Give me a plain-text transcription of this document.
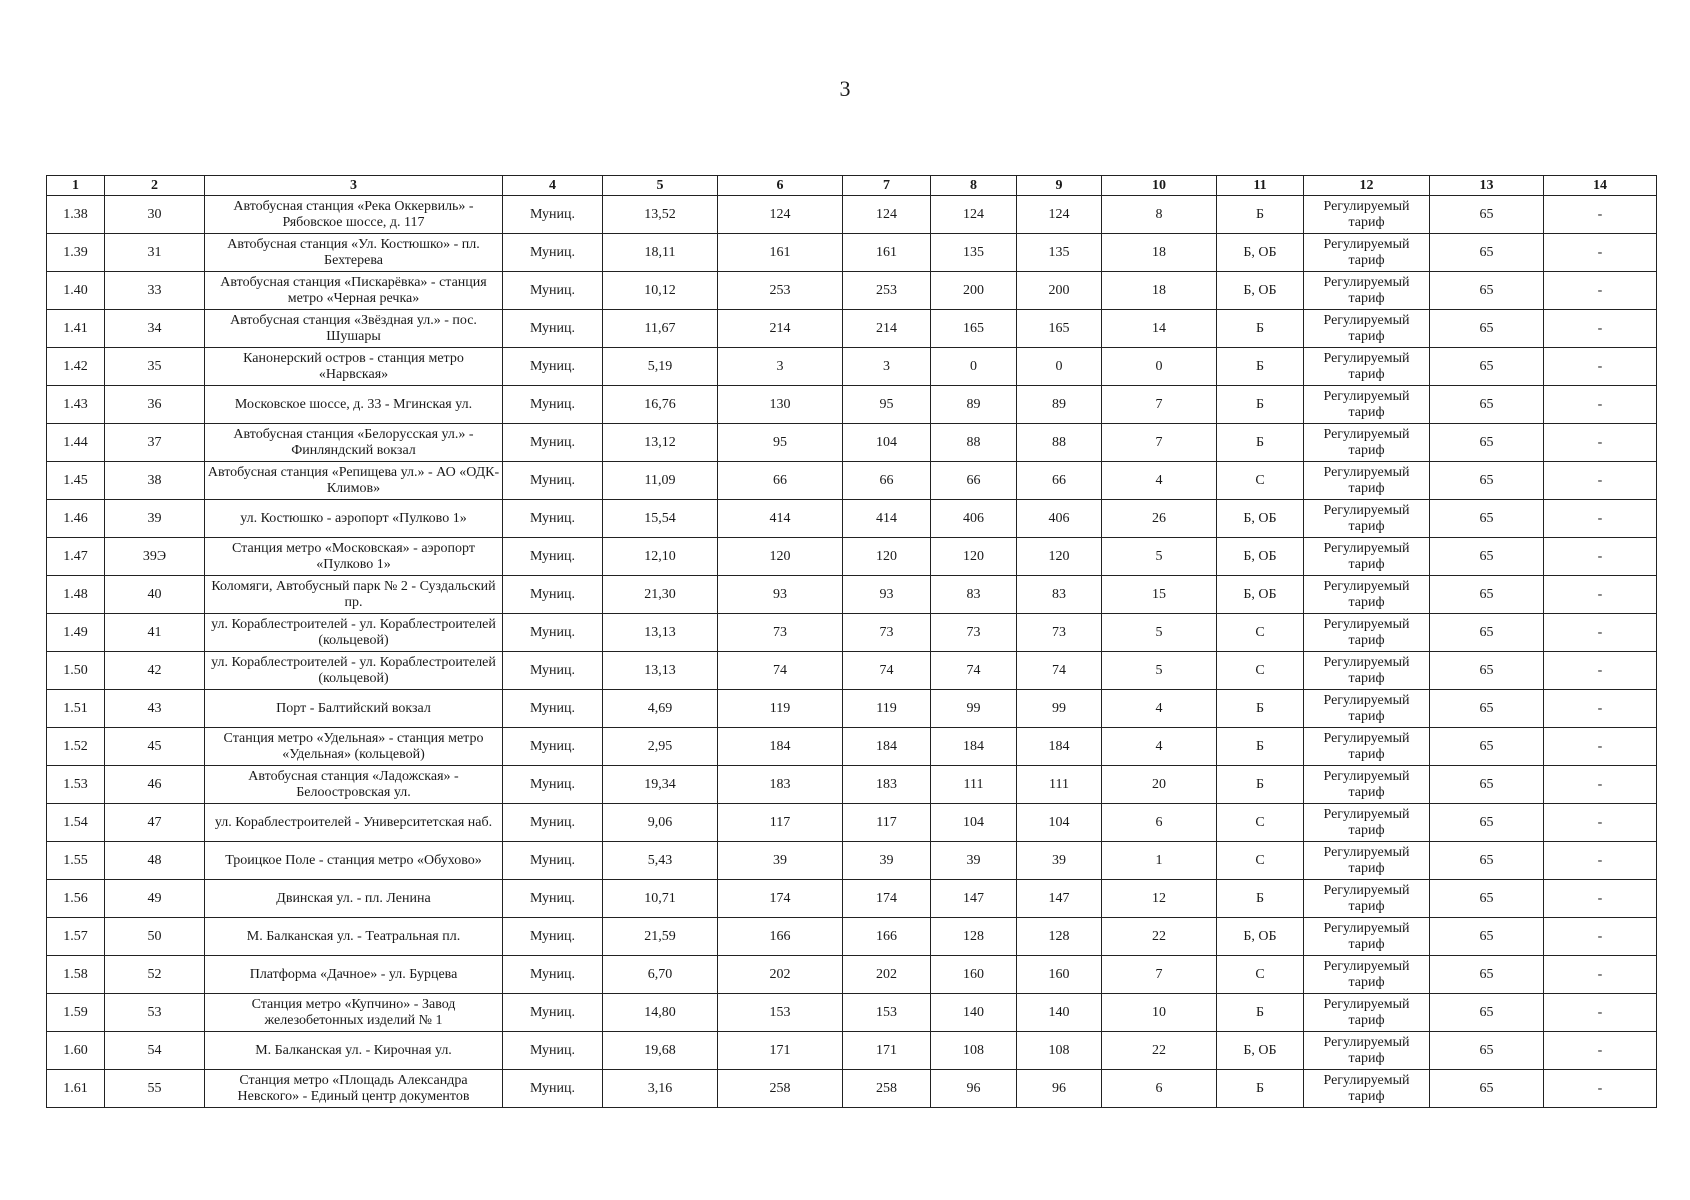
3
1	2	3	4	5	6	7	8	9	10	11	12	13	14
1.38	30	Автобусная станция «Река Оккервиль» - Рябовское шоссе, д. 117	Муниц.	13,52	124	124	124	124	8	Б	Регулируемый тариф	65	-
1.39	31	Автобусная станция «Ул. Костюшко» - пл. Бехтерева	Муниц.	18,11	161	161	135	135	18	Б, ОБ	Регулируемый тариф	65	-
1.40	33	Автобусная станция «Пискарёвка» - станция метро «Черная речка»	Муниц.	10,12	253	253	200	200	18	Б, ОБ	Регулируемый тариф	65	-
1.41	34	Автобусная станция «Звёздная ул.» - пос. Шушары	Муниц.	11,67	214	214	165	165	14	Б	Регулируемый тариф	65	-
1.42	35	Канонерский остров - станция метро «Нарвская»	Муниц.	5,19	3	3	0	0	0	Б	Регулируемый тариф	65	-
1.43	36	Московское шоссе, д. 33 - Мгинская ул.	Муниц.	16,76	130	95	89	89	7	Б	Регулируемый тариф	65	-
1.44	37	Автобусная станция «Белорусская ул.» - Финляндский вокзал	Муниц.	13,12	95	104	88	88	7	Б	Регулируемый тариф	65	-
1.45	38	Автобусная станция «Репищева ул.» - АО «ОДК-Климов»	Муниц.	11,09	66	66	66	66	4	С	Регулируемый тариф	65	-
1.46	39	ул. Костюшко - аэропорт «Пулково 1»	Муниц.	15,54	414	414	406	406	26	Б, ОБ	Регулируемый тариф	65	-
1.47	39Э	Станция метро «Московская» - аэропорт «Пулково 1»	Муниц.	12,10	120	120	120	120	5	Б, ОБ	Регулируемый тариф	65	-
1.48	40	Коломяги, Автобусный парк № 2 - Суздальский пр.	Муниц.	21,30	93	93	83	83	15	Б, ОБ	Регулируемый тариф	65	-
1.49	41	ул. Кораблестроителей - ул. Кораблестроителей (кольцевой)	Муниц.	13,13	73	73	73	73	5	С	Регулируемый тариф	65	-
1.50	42	ул. Кораблестроителей - ул. Кораблестроителей (кольцевой)	Муниц.	13,13	74	74	74	74	5	С	Регулируемый тариф	65	-
1.51	43	Порт - Балтийский вокзал	Муниц.	4,69	119	119	99	99	4	Б	Регулируемый тариф	65	-
1.52	45	Станция метро «Удельная» - станция метро «Удельная» (кольцевой)	Муниц.	2,95	184	184	184	184	4	Б	Регулируемый тариф	65	-
1.53	46	Автобусная станция «Ладожская» - Белоостровская ул.	Муниц.	19,34	183	183	111	111	20	Б	Регулируемый тариф	65	-
1.54	47	ул. Кораблестроителей - Университетская наб.	Муниц.	9,06	117	117	104	104	6	С	Регулируемый тариф	65	-
1.55	48	Троицкое Поле - станция метро «Обухово»	Муниц.	5,43	39	39	39	39	1	С	Регулируемый тариф	65	-
1.56	49	Двинская ул. - пл. Ленина	Муниц.	10,71	174	174	147	147	12	Б	Регулируемый тариф	65	-
1.57	50	М. Балканская ул. - Театральная пл.	Муниц.	21,59	166	166	128	128	22	Б, ОБ	Регулируемый тариф	65	-
1.58	52	Платформа «Дачное» - ул. Бурцева	Муниц.	6,70	202	202	160	160	7	С	Регулируемый тариф	65	-
1.59	53	Станция метро «Купчино» - Завод железобетонных изделий № 1	Муниц.	14,80	153	153	140	140	10	Б	Регулируемый тариф	65	-
1.60	54	М. Балканская ул. - Кирочная ул.	Муниц.	19,68	171	171	108	108	22	Б, ОБ	Регулируемый тариф	65	-
1.61	55	Станция метро «Площадь Александра Невского» - Единый центр документов	Муниц.	3,16	258	258	96	96	6	Б	Регулируемый тариф	65	-
